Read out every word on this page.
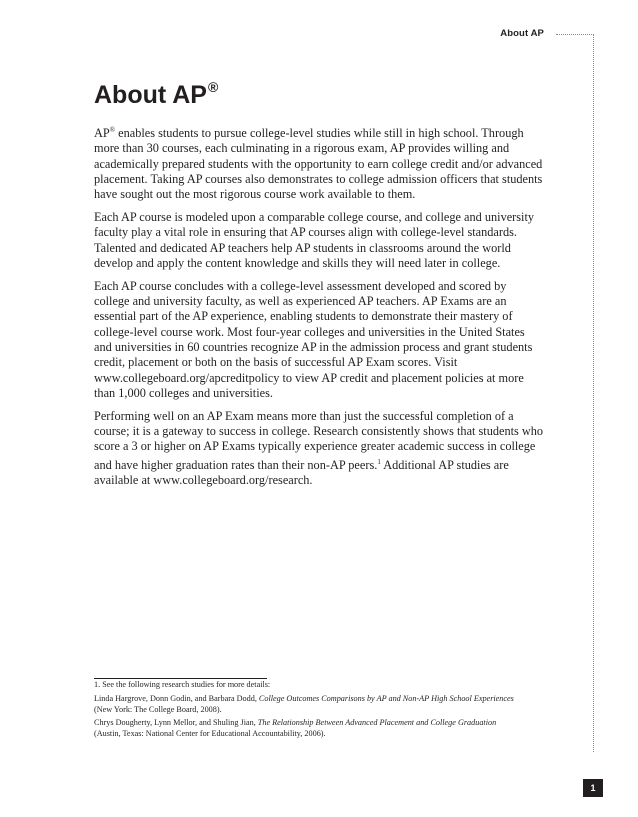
About AP
About AP®

AP® enables students to pursue college-level studies while still in high school. Through more than 30 courses, each culminating in a rigorous exam, AP provides willing and academically prepared students with the opportunity to earn college credit and/or advanced placement. Taking AP courses also demonstrates to college admission officers that students have sought out the most rigorous course work available to them.

Each AP course is modeled upon a comparable college course, and college and university faculty play a vital role in ensuring that AP courses align with college-level standards. Talented and dedicated AP teachers help AP students in classrooms around the world develop and apply the content knowledge and skills they will need later in college.

Each AP course concludes with a college-level assessment developed and scored by college and university faculty, as well as experienced AP teachers. AP Exams are an essential part of the AP experience, enabling students to demonstrate their mastery of college-level course work. Most four-year colleges and universities in the United States and universities in 60 countries recognize AP in the admission process and grant students credit, placement or both on the basis of successful AP Exam scores. Visit www.collegeboard.org/apcreditpolicy to view AP credit and placement policies at more than 1,000 colleges and universities.

Performing well on an AP Exam means more than just the successful completion of a course; it is a gateway to success in college. Research consistently shows that students who score a 3 or higher on AP Exams typically experience greater academic success in college and have higher graduation rates than their non-AP peers.$^1$ Additional AP studies are available at www.collegeboard.org/research.

1. See the following research studies for more details:
Linda Hargrove, Donn Godin, and Barbara Dodd, College Outcomes Comparisons by AP and Non-AP High School Experiences
(New York: The College Board, 2008).
Chrys Dougherty, Lynn Mellor, and Shuling Jian, The Relationship Between Advanced Placement and College Graduation
(Austin, Texas: National Center for Educational Accountability, 2006).
1
